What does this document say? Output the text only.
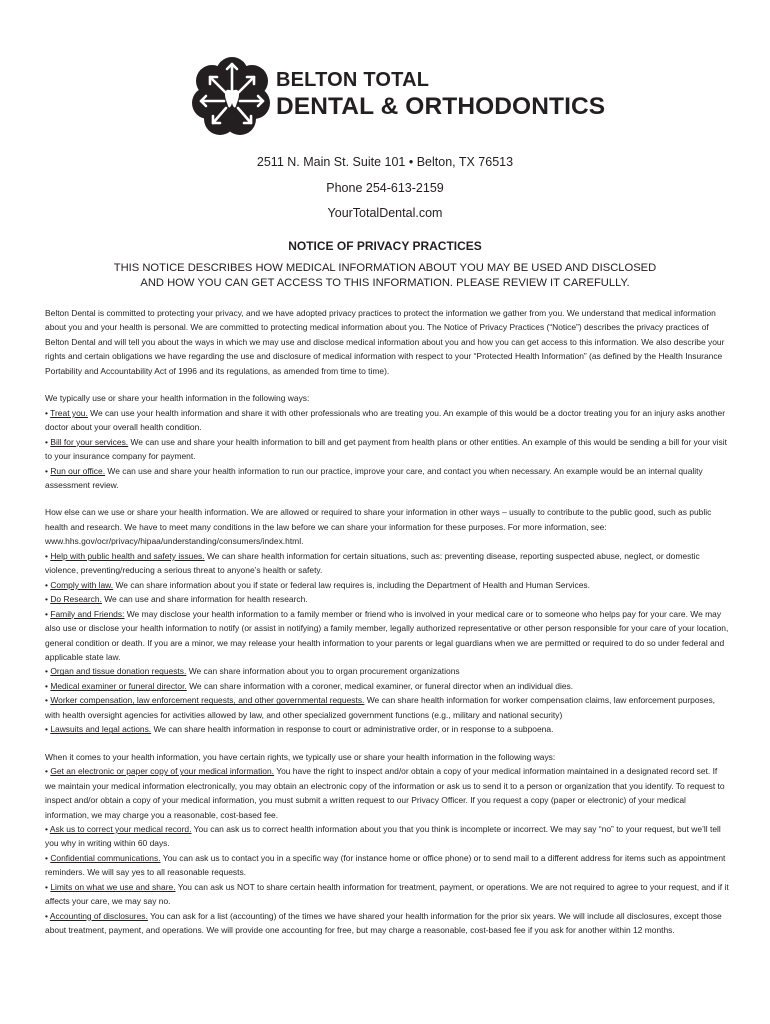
BELTON TOTAL
DENTAL & ORTHODONTICS
2511 N. Main St. Suite 101 • Belton, TX 76513
Phone 254-613-2159
YourTotalDental.com
NOTICE OF PRIVACY PRACTICES
THIS NOTICE DESCRIBES HOW MEDICAL INFORMATION ABOUT YOU MAY BE USED AND DISCLOSED
AND HOW YOU CAN GET ACCESS TO THIS INFORMATION. PLEASE REVIEW IT CAREFULLY.

Belton Dental is committed to protecting your privacy, and we have adopted privacy practices to protect the information we gather from you. We understand that medical information about you and your health is personal. We are committed to protecting medical information about you. The Notice of Privacy Practices (“Notice”) describes the privacy practices of Belton Dental and will tell you about the ways in which we may use and disclose medical information about you and how you can get access to this information. We also describe your rights and certain obligations we have regarding the use and disclosure of medical information with respect to your “Protected Health Information” (as defined by the Health Insurance Portability and Accountability Act of 1996 and its regulations, as amended from time to time).

We typically use or share your health information in the following ways:
• Treat you. We can use your health information and share it with other professionals who are treating you. An example of this would be a doctor treating you for an injury asks another doctor about your overall health condition.
• Bill for your services. We can use and share your health information to bill and get payment from health plans or other entities. An example of this would be sending a bill for your visit to your insurance company for payment.
• Run our office. We can use and share your health information to run our practice, improve your care, and contact you when necessary. An example would be an internal quality assessment review.

How else can we use or share your health information. We are allowed or required to share your information in other ways – usually to contribute to the public good, such as public health and research. We have to meet many conditions in the law before we can share your information for these purposes. For more information, see: www.hhs.gov/ocr/privacy/hipaa/understanding/consumers/index.html.
• Help with public health and safety issues. We can share health information for certain situations, such as: preventing disease, reporting suspected abuse, neglect, or domestic violence, preventing/reducing a serious threat to anyone’s health or safety.
• Comply with law. We can share information about you if state or federal law requires is, including the Department of Health and Human Services.
• Do Research. We can use and share information for health research.
• Family and Friends: We may disclose your health information to a family member or friend who is involved in your medical care or to someone who helps pay for your care. We may also use or disclose your health information to notify (or assist in notifying) a family member, legally authorized representative or other person responsible for your care of your location, general condition or death. If you are a minor, we may release your health information to your parents or legal guardians when we are permitted or required to do so under federal and applicable state law.
• Organ and tissue donation requests. We can share information about you to organ procurement organizations
• Medical examiner or funeral director. We can share information with a coroner, medical examiner, or funeral director when an individual dies.
• Worker compensation, law enforcement requests, and other governmental requests. We can share health information for worker compensation claims, law enforcement purposes, with health oversight agencies for activities allowed by law, and other specialized government functions (e.g., military and national security)
• Lawsuits and legal actions. We can share health information in response to court or administrative order, or in response to a subpoena.

When it comes to your health information, you have certain rights, we typically use or share your health information in the following ways:
• Get an electronic or paper copy of your medical information. You have the right to inspect and/or obtain a copy of your medical information maintained in a designated record set. If we maintain your medical information electronically, you may obtain an electronic copy of the information or ask us to send it to a person or organization that you identify. To request to inspect and/or obtain a copy of your medical information, you must submit a written request to our Privacy Officer. If you request a copy (paper or electronic) of your medical information, we may charge you a reasonable, cost-based fee.
• Ask us to correct your medical record. You can ask us to correct health information about you that you think is incomplete or incorrect. We may say “no” to your request, but we’ll tell you why in writing within 60 days.
• Confidential communications. You can ask us to contact you in a specific way (for instance home or office phone) or to send mail to a different address for items such as appointment reminders. We will say yes to all reasonable requests.
• Limits on what we use and share. You can ask us NOT to share certain health information for treatment, payment, or operations. We are not required to agree to your request, and if it affects your care, we may say no.
• Accounting of disclosures. You can ask for a list (accounting) of the times we have shared your health information for the prior six years. We will include all disclosures, except those about treatment, payment, and operations. We will provide one accounting for free, but may charge a reasonable, cost-based fee if you ask for another within 12 months.
